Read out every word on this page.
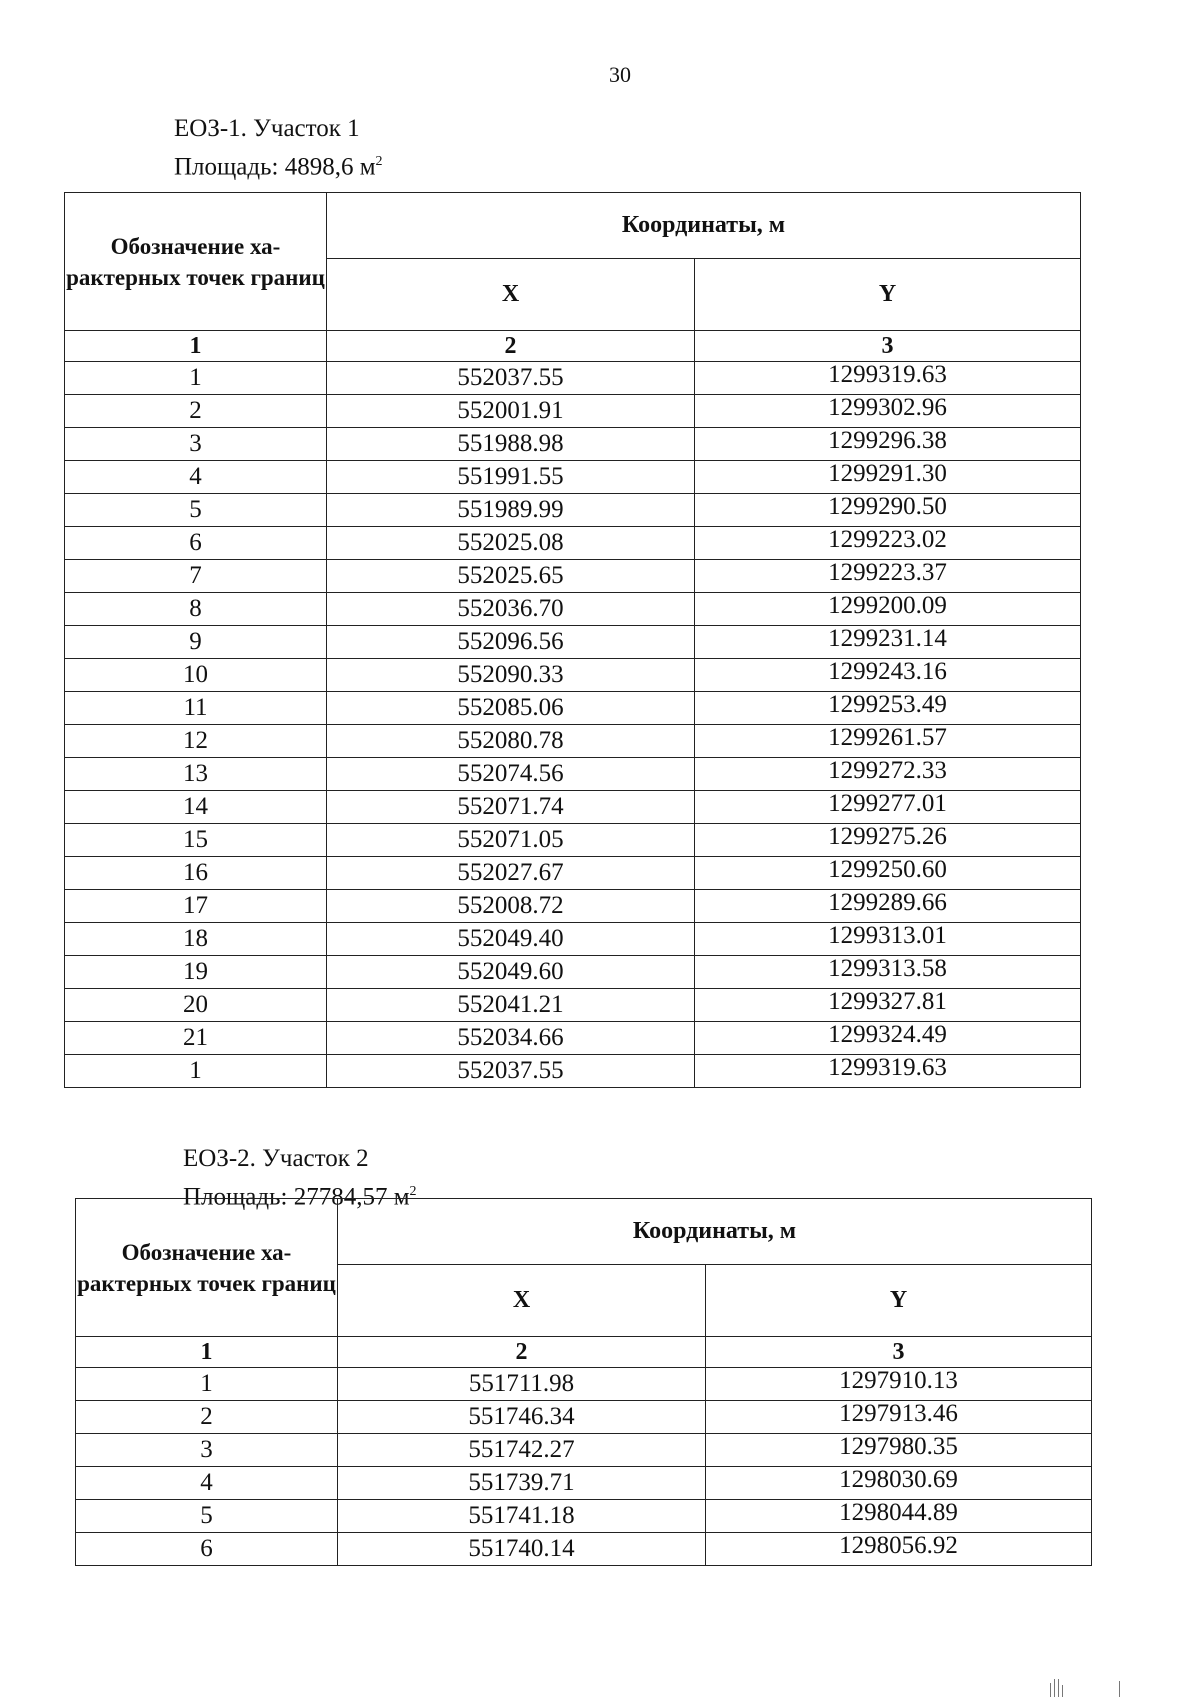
30
ЕОЗ-1. Участок 1
Площадь: 4898,6 $м^2$
Обозначение ха-рактерных точек границ	Координаты, м	
	X	Y
1	2	3
1	552037.55	1299319.63
2	552001.91	1299302.96
3	551988.98	1299296.38
4	551991.55	1299291.30
5	551989.99	1299290.50
6	552025.08	1299223.02
7	552025.65	1299223.37
8	552036.70	1299200.09
9	552096.56	1299231.14
10	552090.33	1299243.16
11	552085.06	1299253.49
12	552080.78	1299261.57
13	552074.56	1299272.33
14	552071.74	1299277.01
15	552071.05	1299275.26
16	552027.67	1299250.60
17	552008.72	1299289.66
18	552049.40	1299313.01
19	552049.60	1299313.58
20	552041.21	1299327.81
21	552034.66	1299324.49
1	552037.55	1299319.63
ЕОЗ-2. Участок 2
Площадь: 27784,57 $м^2$
Обозначение ха-рактерных точек границ	Координаты, м	
	X	Y
1	2	3
1	551711.98	1297910.13
2	551746.34	1297913.46
3	551742.27	1297980.35
4	551739.71	1298030.69
5	551741.18	1298044.89
6	551740.14	1298056.92
